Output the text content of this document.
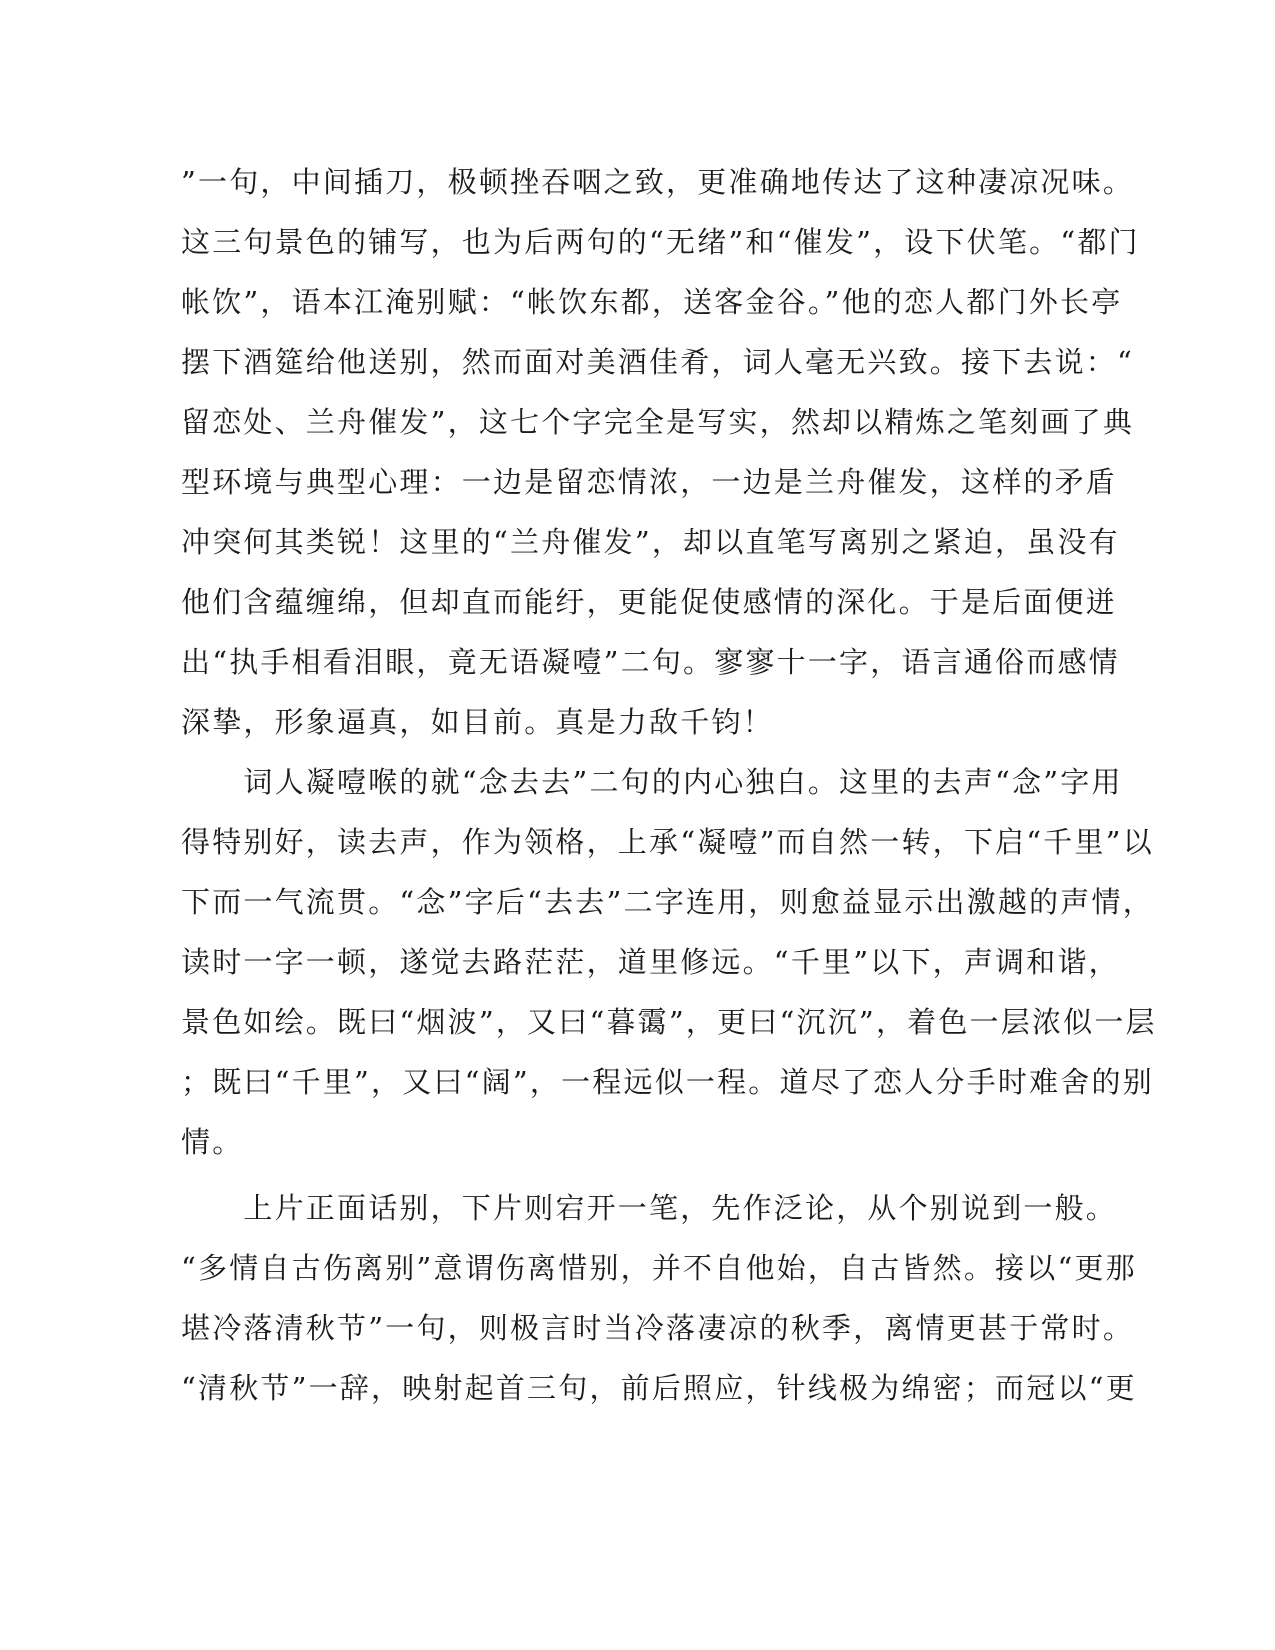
”一句，中间插刀，极顿挫吞咽之致，更准确地传达了这种凄凉况味。
这三句景色的铺写，也为后两句的“无绪”和“催发”，设下伏笔。“都门
帐饮”，语本江淹别赋：“帐饮东都，送客金谷。”他的恋人都门外长亭
摆下酒筵给他送别，然而面对美酒佳肴，词人毫无兴致。接下去说：“
留恋处、兰舟催发”，这七个字完全是写实，然却以精炼之笔刻画了典
型环境与典型心理：一边是留恋情浓，一边是兰舟催发，这样的矛盾
冲突何其类锐！这里的“兰舟催发”，却以直笔写离别之紧迫，虽没有
他们含蕴缠绵，但却直而能纡，更能促使感情的深化。于是后面便迸
出“执手相看泪眼，竟无语凝噎”二句。寥寥十一字，语言通俗而感情
深挚，形象逼真，如目前。真是力敌千钧！
　　词人凝噎喉的就“念去去”二句的内心独白。这里的去声“念”字用
得特别好，读去声，作为领格，上承“凝噎”而自然一转，下启“千里”以
下而一气流贯。“念”字后“去去”二字连用，则愈益显示出激越的声情，
读时一字一顿，遂觉去路茫茫，道里修远。“千里”以下，声调和谐，
景色如绘。既曰“烟波”，又曰“暮霭”，更曰“沉沉”，着色一层浓似一层
；既曰“千里”，又曰“阔”，一程远似一程。道尽了恋人分手时难舍的别
情。
　　上片正面话别，下片则宕开一笔，先作泛论，从个别说到一般。
“多情自古伤离别”意谓伤离惜别，并不自他始，自古皆然。接以“更那
堪冷落清秋节”一句，则极言时当冷落凄凉的秋季，离情更甚于常时。
“清秋节”一辞，映射起首三句，前后照应，针线极为绵密；而冠以“更
